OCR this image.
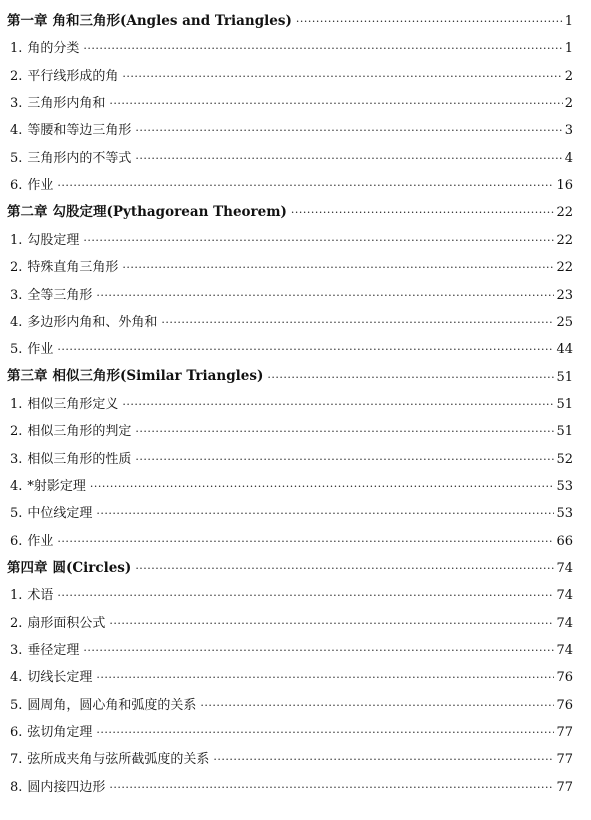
第一章 角和三角形(Angles and Triangles) ·····	1
1. 角的分类 ·····	1
2. 平行线形成的角 ·····	2
3. 三角形内角和 ·····	2
4. 等腰和等边三角形 ·····	3
5. 三角形内的不等式 ·····	4
6. 作业 ·····	16
第二章 勾股定理(Pythagorean Theorem) ·····	22
1. 勾股定理 ·····	22
2. 特殊直角三角形 ·····	22
3. 全等三角形 ·····	23
4. 多边形内角和、外角和 ·····	25
5. 作业 ·····	44
第三章 相似三角形(Similar Triangles) ·····	51
1. 相似三角形定义 ·····	51
2. 相似三角形的判定 ·····	51
3. 相似三角形的性质 ·····	52
4. *射影定理 ·····	53
5. 中位线定理 ·····	53
6. 作业 ·····	66
第四章 圆(Circles) ·····	74
1. 术语 ·····	74
2. 扇形面积公式 ·····	74
3. 垂径定理 ·····	74
4. 切线长定理 ·····	76
5. 圆周角，圆心角和弧度的关系 ·····	76
6. 弦切角定理 ·····	77
7. 弦所成夹角与弦所截弧度的关系 ·····	77
8. 圆内接四边形 ·····	77
